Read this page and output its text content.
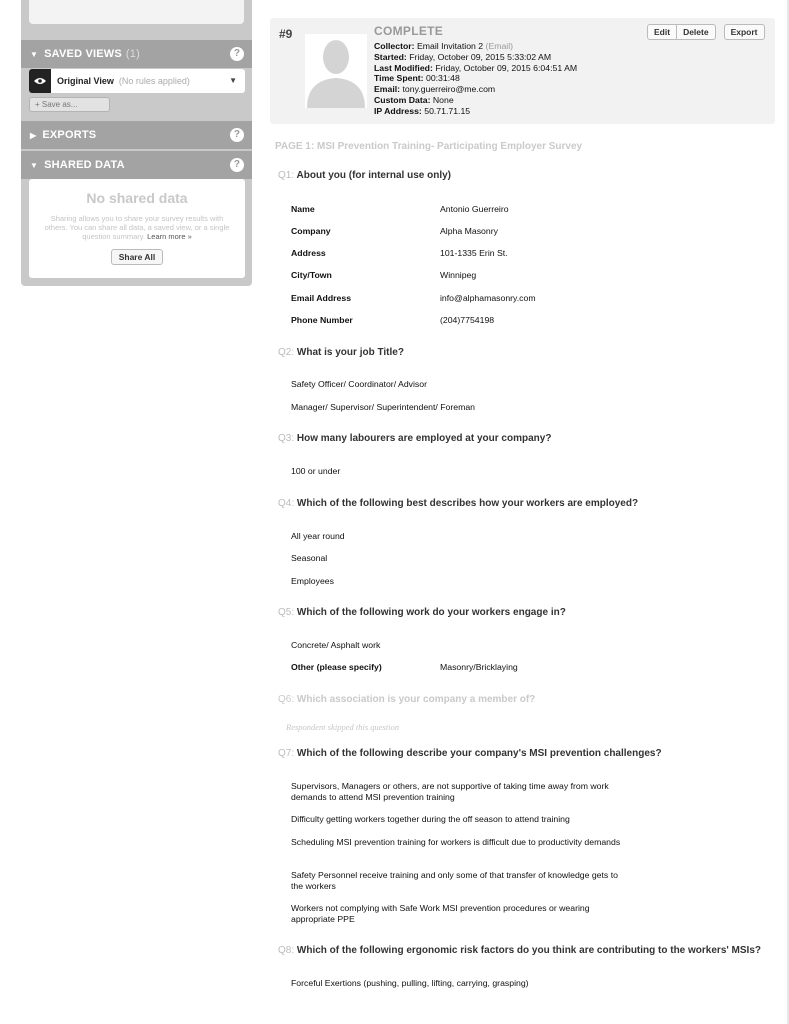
▼ SAVED VIEWS (1)	?
Original View (No rules applied)	▼
+ Save as...
▶ EXPORTS	?
▼ SHARED DATA	?
No shared data
Sharing allows you to share your survey results with others. You can share all data, a saved view, or a single question summary. Learn more »
Share All
#9	COMPLETE
Collector: Email Invitation 2 (Email)
Started: Friday, October 09, 2015 5:33:02 AM
Last Modified: Friday, October 09, 2015 6:04:51 AM
Time Spent: 00:31:48
Email: tony.guerreiro@me.com
Custom Data: None
IP Address: 50.71.71.15
Edit	Delete	Export
PAGE 1: MSI Prevention Training- Participating Employer Survey
Q1: About you (for internal use only)
Name	Antonio Guerreiro
Company	Alpha Masonry
Address	101-1335 Erin St.
City/Town	Winnipeg
Email Address	info@alphamasonry.com
Phone Number	(204)7754198
Q2: What is your job Title?
Safety Officer/ Coordinator/ Advisor
Manager/ Supervisor/ Superintendent/ Foreman
Q3: How many labourers are employed at your company?
100 or under
Q4: Which of the following best describes how your workers are employed?
All year round
Seasonal
Employees
Q5: Which of the following work do your workers engage in?
Concrete/ Asphalt work
Other (please specify)	Masonry/Bricklaying
Q6: Which association is your company a member of?
Respondent skipped this question
Q7: Which of the following describe your company's MSI prevention challenges?
Supervisors, Managers or others, are not supportive of taking time away from work demands to attend MSI prevention training
Difficulty getting workers together during the off season to attend training
Scheduling MSI prevention training for workers is difficult due to productivity demands
Safety Personnel receive training and only some of that transfer of knowledge gets to the workers
Workers not complying with Safe Work MSI prevention procedures or wearing appropriate PPE
Q8: Which of the following ergonomic risk factors do you think are contributing to the workers' MSIs?
Forceful Exertions (pushing, pulling, lifting, carrying, grasping)
